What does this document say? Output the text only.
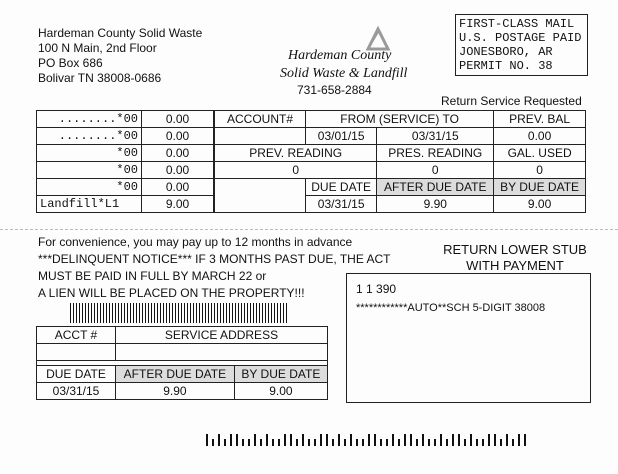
Hardeman County Solid Waste
100 N Main, 2nd Floor
PO Box 686
Bolivar TN 38008-0686
Hardeman County
Solid Waste & Landfill
731-658-2884
FIRST-CLASS MAIL
U.S. POSTAGE PAID
JONESBORO, AR
PERMIT NO. 38
Return Service Requested
........*00	0.00
........*00	0.00
*00	0.00
*00	0.00
*00	0.00
Landfill*L1	9.00
ACCOUNT#	FROM (SERVICE) TO		PREV. BAL
	03/01/15	03/31/15	0.00
PREV. READING		PRES. READING	GAL. USED
0		0	0
	DUE DATE	AFTER DUE DATE	BY DUE DATE
	03/31/15	9.90	9.00
For convenience, you may pay up to 12 months in advance
***DELINQUENT NOTICE*** IF 3 MONTHS PAST DUE, THE ACT
MUST BE PAID IN FULL BY MARCH 22 or
A LIEN WILL BE PLACED ON THE PROPERTY!!!
RETURN LOWER STUB
WITH PAYMENT
ACCT #	SERVICE ADDRESS	

DUE DATE	AFTER DUE DATE	BY DUE DATE
03/31/15	9.90	9.00
1 1 390
************AUTO**SCH 5-DIGIT 38008
